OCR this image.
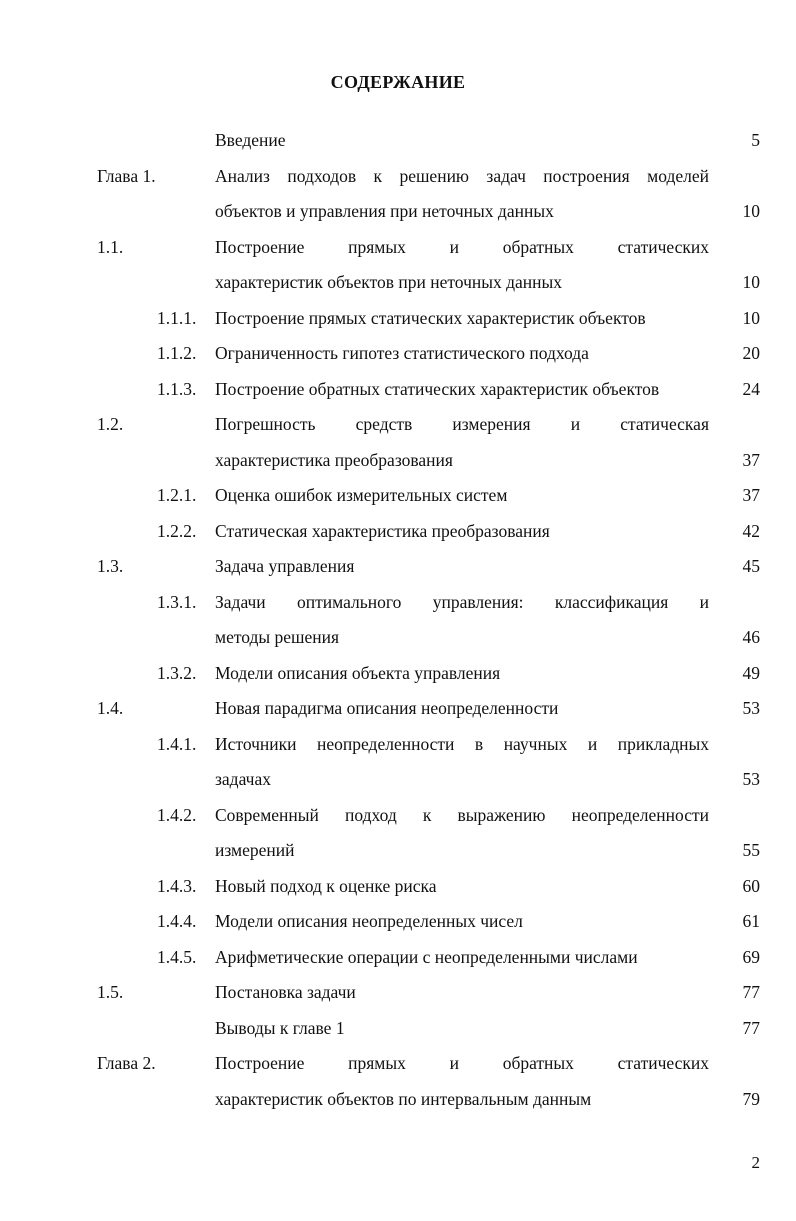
СОДЕРЖАНИЕ
Введение	5
Глава 1.	Анализ подходов к решению задач построения моделей
объектов и управления при неточных данных	10
1.1.	Построение прямых и обратных статических
характеристик объектов при неточных данных	10
1.1.1. Построение прямых статических характеристик объектов	10
1.1.2. Ограниченность гипотез статистического подхода	20
1.1.3. Построение обратных статических характеристик объектов	24
1.2.	Погрешность средств измерения и статическая
характеристика преобразования	37
1.2.1. Оценка ошибок измерительных систем	37
1.2.2. Статическая характеристика преобразования	42
1.3.	Задача управления	45
1.3.1. Задачи оптимального управления: классификация и
методы решения	46
1.3.2. Модели описания объекта управления	49
1.4.	Новая парадигма описания неопределенности	53
1.4.1. Источники неопределенности в научных и прикладных
задачах	53
1.4.2. Современный подход к выражению неопределенности
измерений	55
1.4.3. Новый подход к оценке риска	60
1.4.4. Модели описания неопределенных чисел	61
1.4.5. Арифметические операции с неопределенными числами	69
1.5.	Постановка задачи	77
Выводы к главе 1	77
Глава 2.	Построение прямых и обратных статических
характеристик объектов по интервальным данным	79
2
